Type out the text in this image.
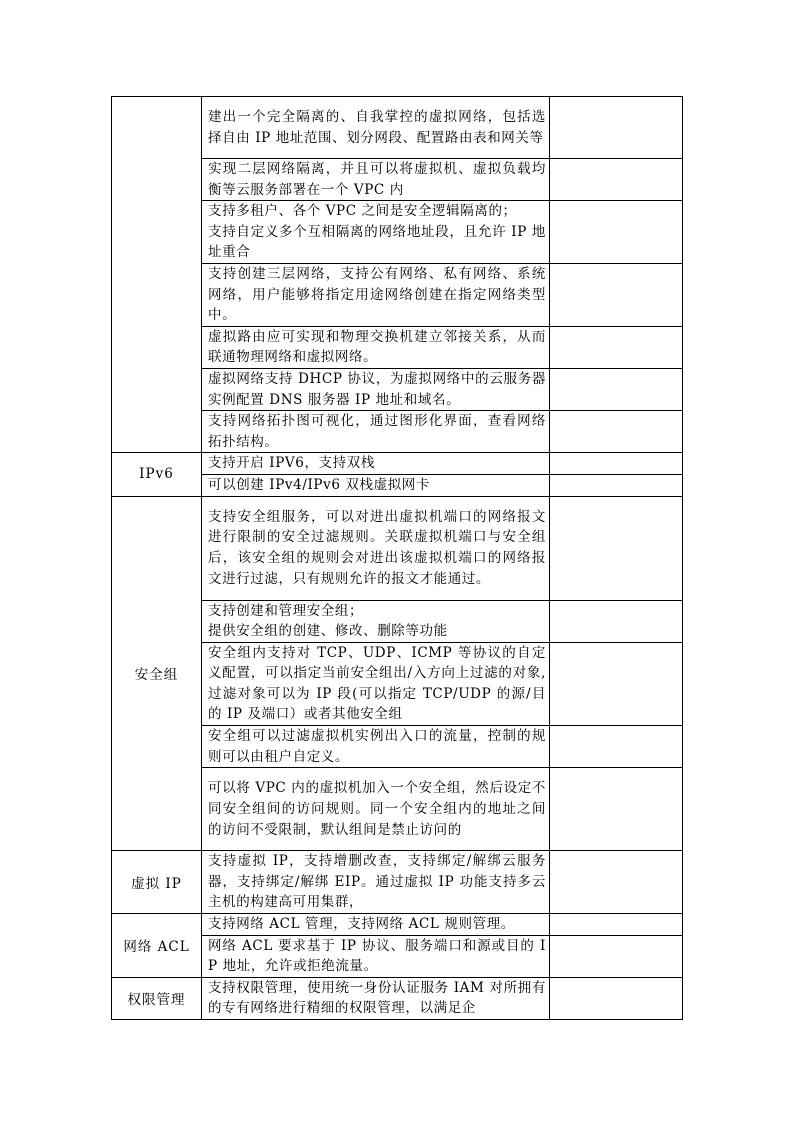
	建出一个完全隔离的、自我掌控的虚拟网络，包括选择自由 IP 地址范围、划分网段、配置路由表和网关等	

	实现二层网络隔离，并且可以将虚拟机、虚拟负载均衡等云服务部署在一个 VPC 内	

	支持多租户、各个 VPC 之间是安全逻辑隔离的；
支持自定义多个互相隔离的网络地址段，且允许 IP 地址重合	

	支持创建三层网络，支持公有网络、私有网络、系统网络，用户能够将指定用途网络创建在指定网络类型中。	

	虚拟路由应可实现和物理交换机建立邻接关系，从而联通物理网络和虚拟网络。	

	虚拟网络支持 DHCP 协议，为虚拟网络中的云服务器实例配置 DNS 服务器 IP 地址和域名。	

	支持网络拓扑图可视化，通过图形化界面，查看网络拓扑结构。	

IPv6	支持开启 IPV6，支持双栈	

	可以创建 IPv4/IPv6 双栈虚拟网卡	

安全组	支持安全组服务，可以对进出虚拟机端口的网络报文进行限制的安全过滤规则。关联虚拟机端口与安全组后，该安全组的规则会对进出该虚拟机端口的网络报文进行过滤，只有规则允许的报文才能通过。	

	支持创建和管理安全组；
提供安全组的创建、修改、删除等功能	

	安全组内支持对 TCP、UDP、ICMP 等协议的自定义配置，可以指定当前安全组出/入方向上过滤的对象,过滤对象可以为 IP 段(可以指定 TCP/UDP 的源/目的 IP 及端口）或者其他安全组	

	安全组可以过滤虚拟机实例出入口的流量，控制的规则可以由租户自定义。	

	可以将 VPC 内的虚拟机加入一个安全组，然后设定不同安全组间的访问规则。同一个安全组内的地址之间的访问不受限制，默认组间是禁止访问的	

虚拟 IP	支持虚拟 IP，支持增删改查，支持绑定/解绑云服务器，支持绑定/解绑 EIP。通过虚拟 IP 功能支持多云主机的构建高可用集群，	

网络 ACL	支持网络 ACL 管理，支持网络 ACL 规则管理。	

	网络 ACL 要求基于 IP 协议、服务端口和源或目的 IP 地址，允许或拒绝流量。	

权限管理	支持权限管理，使用统一身份认证服务 IAM 对所拥有的专有网络进行精细的权限管理，以满足企	
